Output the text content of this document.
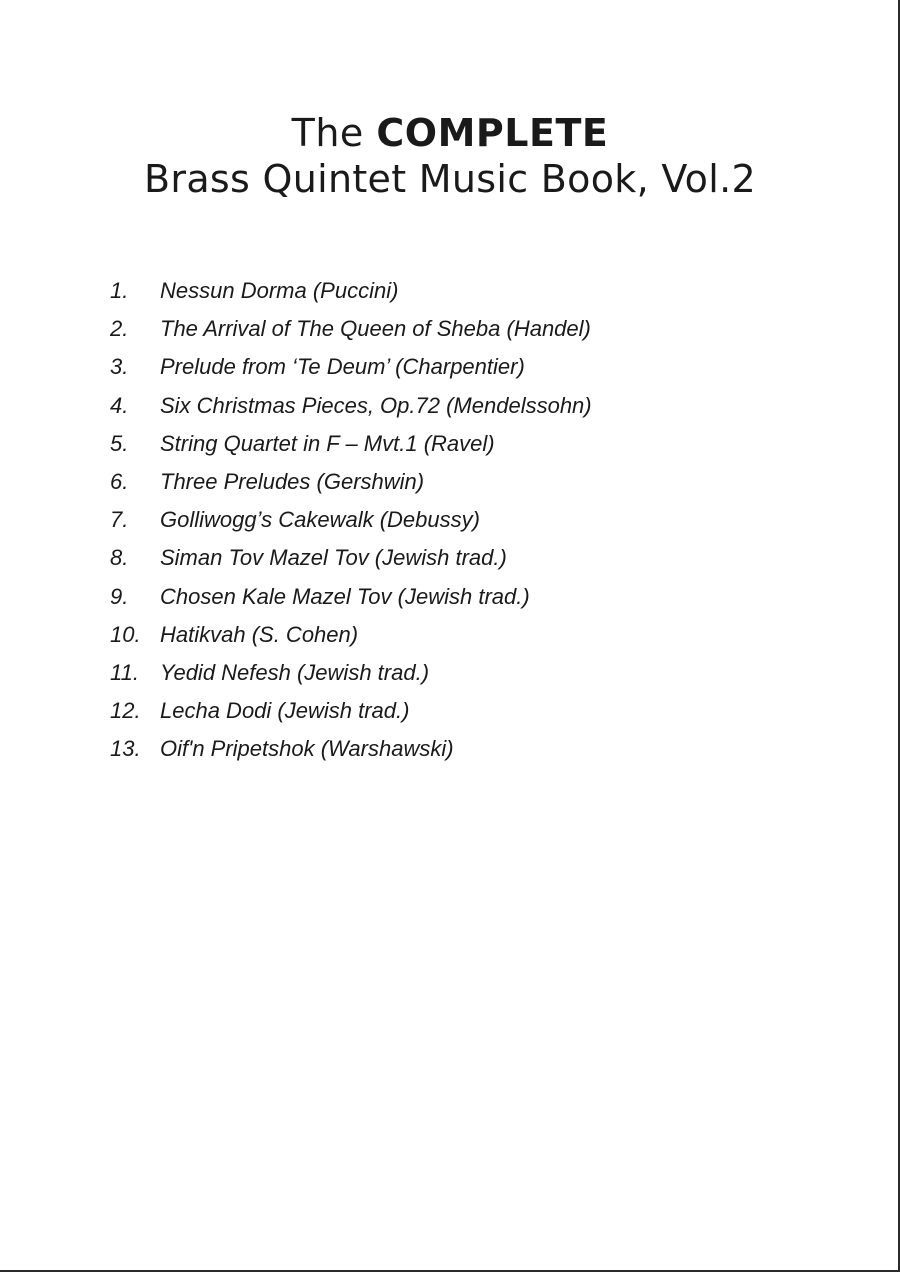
The COMPLETE
Brass Quintet Music Book, Vol.2
1. Nessun Dorma (Puccini)
2. The Arrival of The Queen of Sheba (Handel)
3. Prelude from ‘Te Deum’ (Charpentier)
4. Six Christmas Pieces, Op.72 (Mendelssohn)
5. String Quartet in F – Mvt.1 (Ravel)
6. Three Preludes (Gershwin)
7. Golliwogg’s Cakewalk (Debussy)
8. Siman Tov Mazel Tov (Jewish trad.)
9. Chosen Kale Mazel Tov (Jewish trad.)
10. Hatikvah (S. Cohen)
11. Yedid Nefesh (Jewish trad.)
12. Lecha Dodi (Jewish trad.)
13. Oif'n Pripetshok (Warshawski)
